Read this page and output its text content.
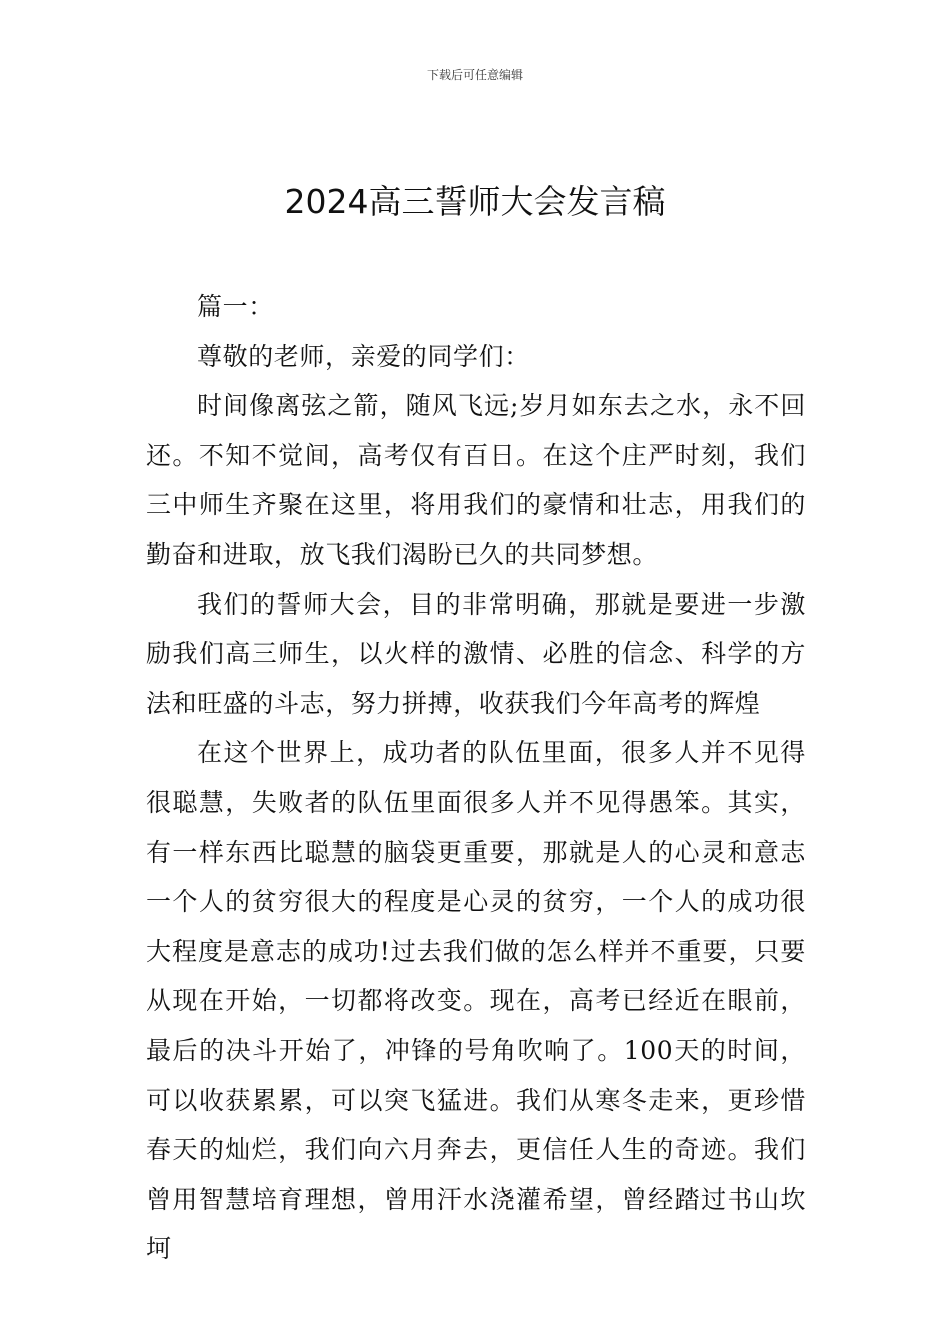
下载后可任意编辑
2024高三誓师大会发言稿

篇一：

尊敬的老师，亲爱的同学们：

时间像离弦之箭，随风飞远;岁月如东去之水，永不回还。不知不觉间，高考仅有百日。在这个庄严时刻，我们三中师生齐聚在这里，将用我们的豪情和壮志，用我们的勤奋和进取，放飞我们渴盼已久的共同梦想。

我们的誓师大会，目的非常明确，那就是要进一步激励我们高三师生，以火样的激情、必胜的信念、科学的方法和旺盛的斗志，努力拼搏，收获我们今年高考的辉煌

在这个世界上，成功者的队伍里面，很多人并不见得很聪慧，失败者的队伍里面很多人并不见得愚笨。其实，有一样东西比聪慧的脑袋更重要，那就是人的心灵和意志一个人的贫穷很大的程度是心灵的贫穷，一个人的成功很大程度是意志的成功!过去我们做的怎么样并不重要，只要从现在开始，一切都将改变。现在，高考已经近在眼前，最后的决斗开始了，冲锋的号角吹响了。100天的时间，可以收获累累，可以突飞猛进。我们从寒冬走来，更珍惜春天的灿烂，我们向六月奔去，更信任人生的奇迹。我们曾用智慧培育理想，曾用汗水浇灌希望，曾经踏过书山坎坷
